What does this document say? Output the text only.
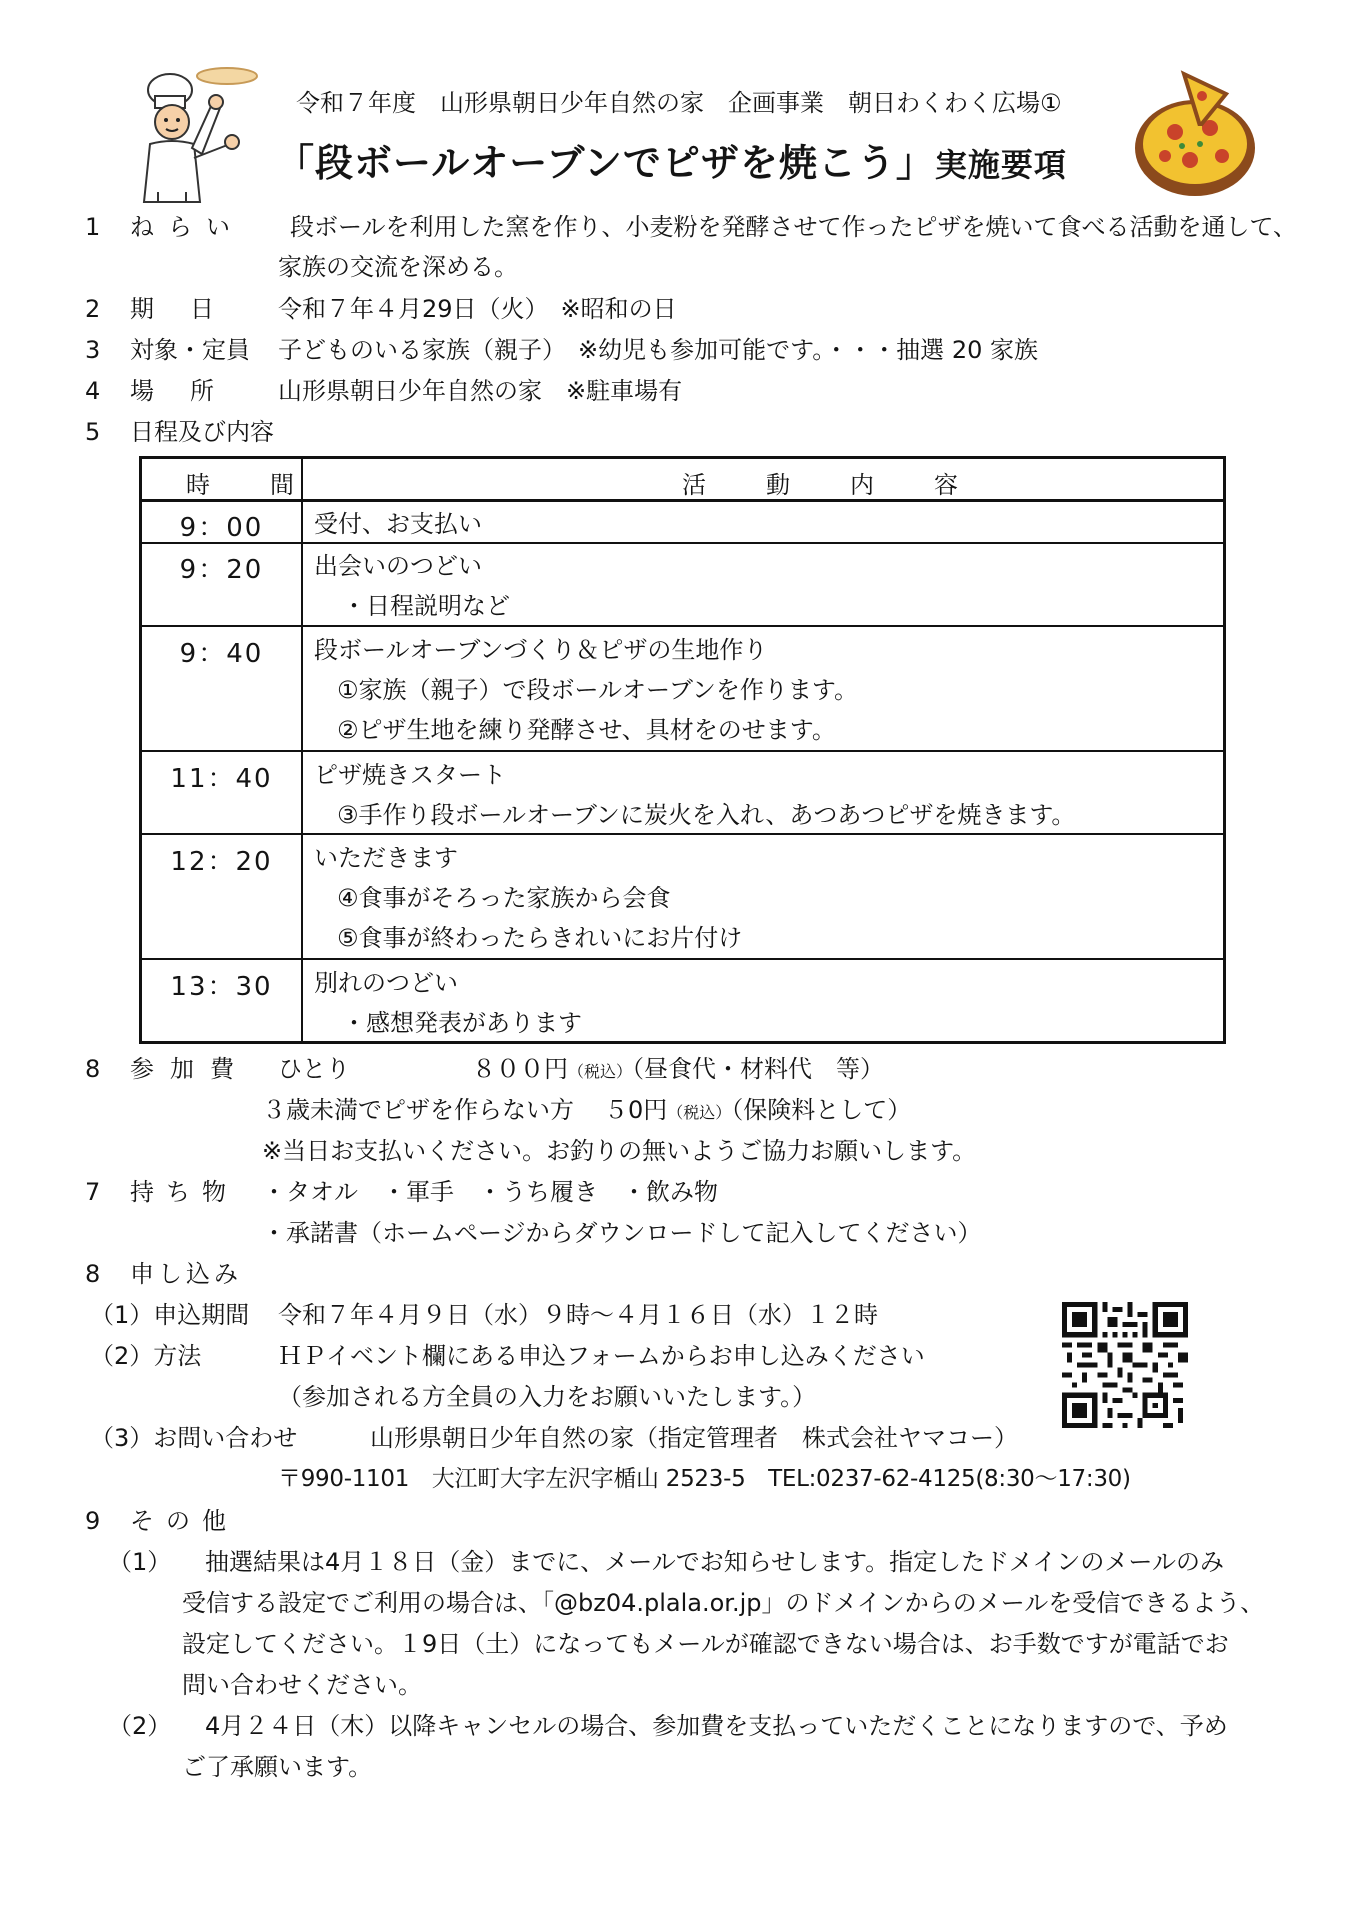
令和７年度　山形県朝日少年自然の家　企画事業　朝日わくわく広場①
「段ボールオーブンでピザを焼こう」実施要項
1 ねらい 段ボールを利用した窯を作り、小麦粉を発酵させて作ったピザを焼いて食べる活動を通して、
家族の交流を深める。
2 期　日 令和７年４月29日（火）　※昭和の日
3 対象・定員 子どものいる家族（親子）　※幼児も参加可能です。・・・抽選 20 家族
4 場　所 山形県朝日少年自然の家　※駐車場有
5 日程及び内容
時　間	活　動　内　容
9：00	受付、お支払い
9：20	出会いのつどい
・日程説明など
9：40	段ボールオーブンづくり＆ピザの生地作り
①家族（親子）で段ボールオーブンを作ります。
②ピザ生地を練り発酵させ、具材をのせます。
11：40	ピザ焼きスタート
③手作り段ボールオーブンに炭火を入れ、あつあつピザを焼きます。
12：20	いただきます
④食事がそろった家族から会食
⑤食事が終わったらきれいにお片付け
13：30	別れのつどい
・感想発表があります
8 参加費 ひとり	８００円（税込）（昼食代・材料代　等）
３歳未満でピザを作らない方 ５0円（税込）（保険料として）
※当日お支払いください。お釣りの無いようご協力お願いします。
7 持ち物 ・タオル　・軍手　・うち履き　・飲み物
・承諾書（ホームページからダウンロードして記入してください）
8 申し込み
（1）申込期間 令和７年４月９日（水）９時～４月１６日（水）１２時
（2）方法	ＨＰイベント欄にある申込フォームからお申し込みください
（参加される方全員の入力をお願いいたします。）
（3）お問い合わせ	山形県朝日少年自然の家（指定管理者　株式会社ヤマコー）
〒990-1101　大江町大字左沢字楯山 2523-5　TEL:0237-62-4125(8:30～17:30)
9 その他
（1） 抽選結果は4月１８日（金）までに、メールでお知らせします。指定したドメインのメールのみ
受信する設定でご利用の場合は、「@bz04.plala.or.jp」のドメインからのメールを受信できるよう、
設定してください。１9日（土）になってもメールが確認できない場合は、お手数ですが電話でお
問い合わせください。
（2） 4月２４日（木）以降キャンセルの場合、参加費を支払っていただくことになりますので、予め
ご了承願います。
